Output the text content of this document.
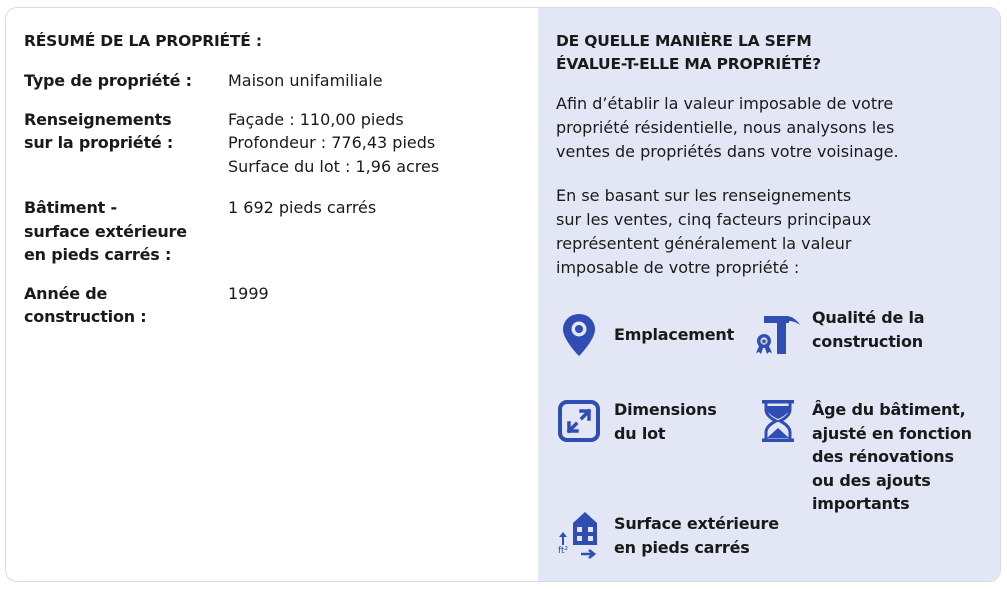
RÉSUMÉ DE LA PROPRIÉTÉ :
Type de propriété :	Maison unifamiliale
Renseignements
sur la propriété :
Façade : 110,00 pieds
Profondeur : 776,43 pieds
Surface du lot : 1,96 acres
Bâtiment -
surface extérieure
en pieds carrés :
1 692 pieds carrés
Année de
construction :
1999
DE QUELLE MANIÈRE LA SEFM
ÉVALUE-T-ELLE MA PROPRIÉTÉ?
Afin d’établir la valeur imposable de votre
propriété résidentielle, nous analysons les
ventes de propriétés dans votre voisinage.
En se basant sur les renseignements
sur les ventes, cinq facteurs principaux
représentent généralement la valeur
imposable de votre propriété :
Emplacement
Qualité de la
construction
Dimensions
du lot
Âge du bâtiment,
ajusté en fonction
des rénovations
ou des ajouts
importants
ft²
Surface extérieure
en pieds carrés
